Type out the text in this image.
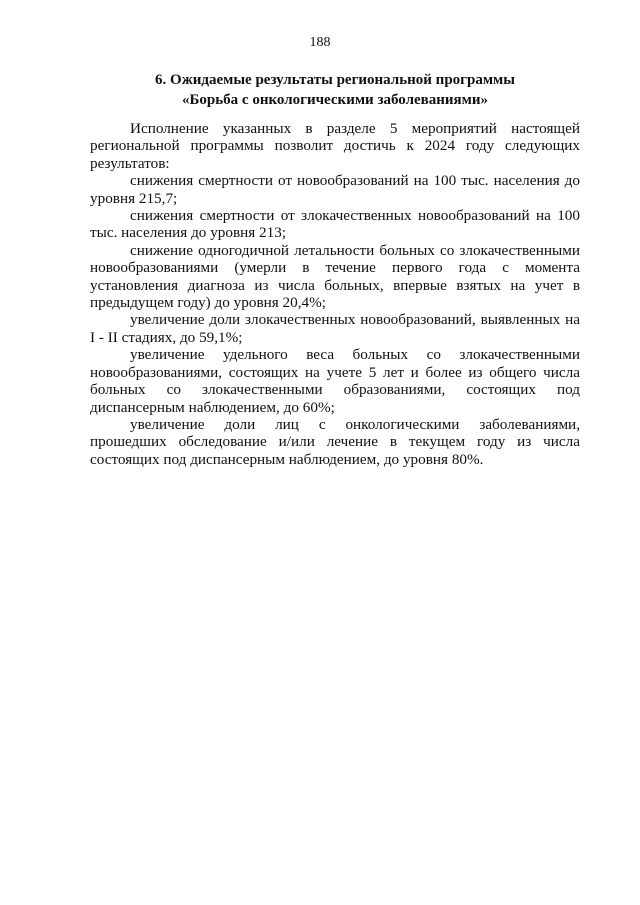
188
6. Ожидаемые результаты региональной программы
«Борьба с онкологическими заболеваниями»

Исполнение указанных в разделе 5 мероприятий настоящей региональной программы позволит достичь к 2024 году следующих результатов:

снижения смертности от новообразований на 100 тыс. населения до уровня 215,7;

снижения смертности от злокачественных новообразований на 100 тыс. населения до уровня 213;

снижение одногодичной летальности больных со злокачественными новообразованиями (умерли в течение первого года с момента установления диагноза из числа больных, впервые взятых на учет в предыдущем году) до уровня 20,4%;

увеличение доли злокачественных новообразований, выявленных на I - II стадиях, до 59,1%;

увеличение удельного веса больных со злокачественными новообразованиями, состоящих на учете 5 лет и более из общего числа больных со злокачественными образованиями, состоящих под диспансерным наблюдением, до 60%;

увеличение доли лиц с онкологическими заболеваниями, прошедших обследование и/или лечение в текущем году из числа состоящих под диспансерным наблюдением, до уровня 80%.
